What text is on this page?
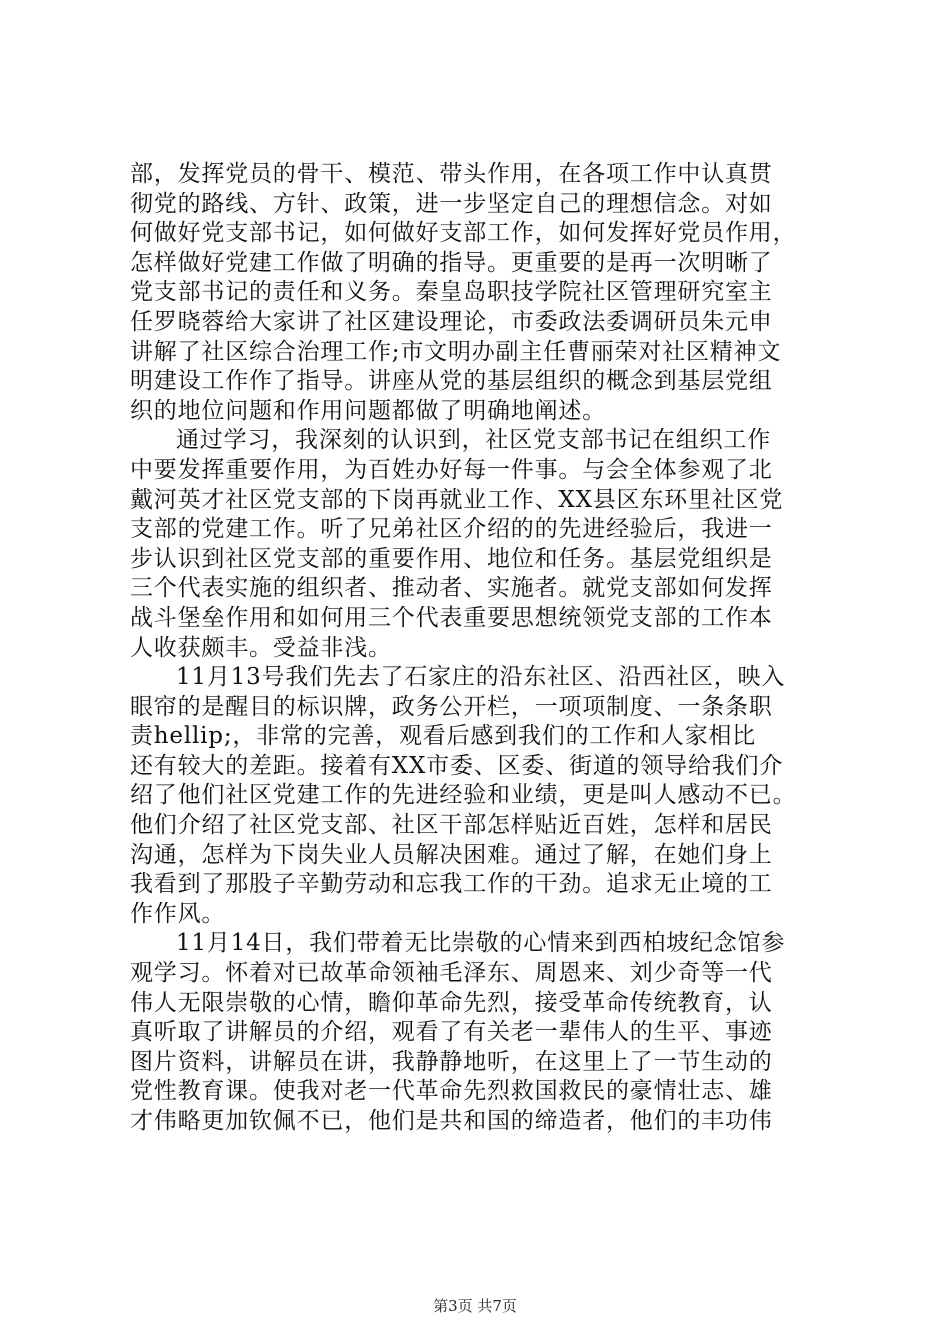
部，发挥党员的骨干、模范、带头作用，在各项工作中认真贯
彻党的路线、方针、政策，进一步坚定自己的理想信念。对如
何做好党支部书记，如何做好支部工作，如何发挥好党员作用，
怎样做好党建工作做了明确的指导。更重要的是再一次明晰了
党支部书记的责任和义务。秦皇岛职技学院社区管理研究室主
任罗晓蓉给大家讲了社区建设理论，市委政法委调研员朱元申
讲解了社区综合治理工作;市文明办副主任曹丽荣对社区精神文
明建设工作作了指导。讲座从党的基层组织的概念到基层党组
织的地位问题和作用问题都做了明确地阐述。
通过学习，我深刻的认识到，社区党支部书记在组织工作
中要发挥重要作用，为百姓办好每一件事。与会全体参观了北
戴河英才社区党支部的下岗再就业工作、XX县区东环里社区党
支部的党建工作。听了兄弟社区介绍的的先进经验后，我进一
步认识到社区党支部的重要作用、地位和任务。基层党组织是
三个代表实施的组织者、推动者、实施者。就党支部如何发挥
战斗堡垒作用和如何用三个代表重要思想统领党支部的工作本
人收获颇丰。受益非浅。
11月13号我们先去了石家庄的沿东社区、沿西社区，映入
眼帘的是醒目的标识牌，政务公开栏，一项项制度、一条条职
责hellip;，非常的完善，观看后感到我们的工作和人家相比
还有较大的差距。接着有XX市委、区委、街道的领导给我们介
绍了他们社区党建工作的先进经验和业绩，更是叫人感动不已。
他们介绍了社区党支部、社区干部怎样贴近百姓，怎样和居民
沟通，怎样为下岗失业人员解决困难。通过了解，在她们身上
我看到了那股子辛勤劳动和忘我工作的干劲。追求无止境的工
作作风。
11月14日，我们带着无比崇敬的心情来到西柏坡纪念馆参
观学习。怀着对已故革命领袖毛泽东、周恩来、刘少奇等一代
伟人无限崇敬的心情，瞻仰革命先烈，接受革命传统教育，认
真听取了讲解员的介绍，观看了有关老一辈伟人的生平、事迹
图片资料，讲解员在讲，我静静地听，在这里上了一节生动的
党性教育课。使我对老一代革命先烈救国救民的豪情壮志、雄
才伟略更加钦佩不已，他们是共和国的缔造者，他们的丰功伟
第3页 共7页
